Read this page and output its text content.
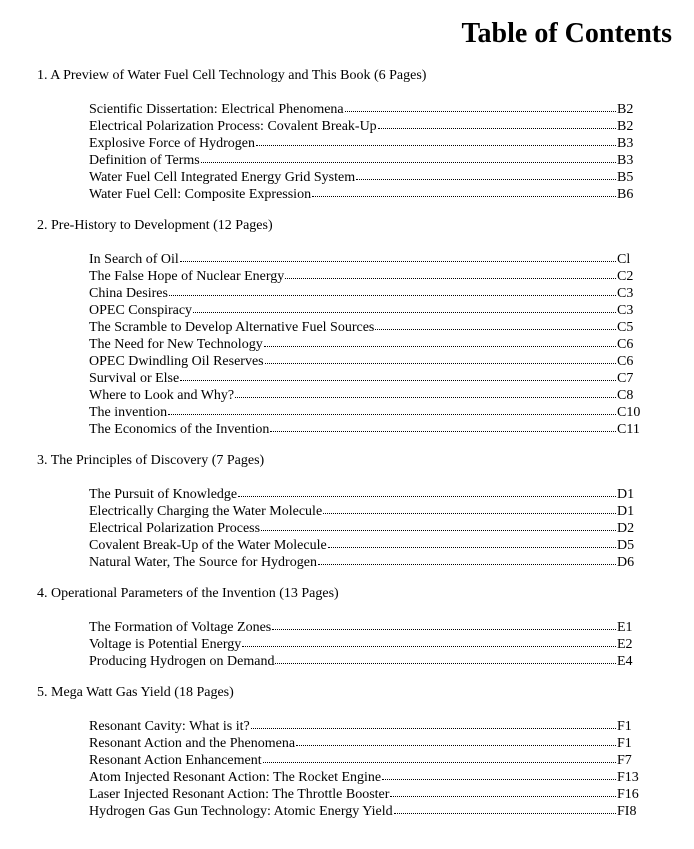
Table of Contents
1. A Preview of Water Fuel Cell Technology and This Book (6 Pages)
Scientific Dissertation: Electrical Phenomena	B2
Electrical Polarization Process: Covalent Break-Up	B2
Explosive Force of Hydrogen	B3
Definition of Terms	B3
Water Fuel Cell Integrated Energy Grid System	B5
Water Fuel Cell: Composite Expression	B6
2. Pre-History to Development (12 Pages)
In Search of Oil	Cl
The False Hope of Nuclear Energy	C2
China Desires	C3
OPEC Conspiracy	C3
The Scramble to Develop Alternative Fuel Sources	C5
The Need for New Technology	C6
OPEC Dwindling Oil Reserves	C6
Survival or Else	C7
Where to Look and Why?	C8
The invention	C10
The Economics of the Invention	C11
3. The Principles of Discovery (7 Pages)
The Pursuit of Knowledge	D1
Electrically Charging the Water Molecule	D1
Electrical Polarization Process	D2
Covalent Break-Up of the Water Molecule	D5
Natural Water, The Source for Hydrogen	D6
4. Operational Parameters of the Invention (13 Pages)
The Formation of Voltage Zones	E1
Voltage is Potential Energy	E2
Producing Hydrogen on Demand	E4
5. Mega Watt Gas Yield (18 Pages)
Resonant Cavity: What is it?	F1
Resonant Action and the Phenomena	F1
Resonant Action Enhancement	F7
Atom Injected Resonant Action: The Rocket Engine	F13
Laser Injected Resonant Action: The Throttle Booster	F16
Hydrogen Gas Gun Technology: Atomic Energy Yield	FI8
